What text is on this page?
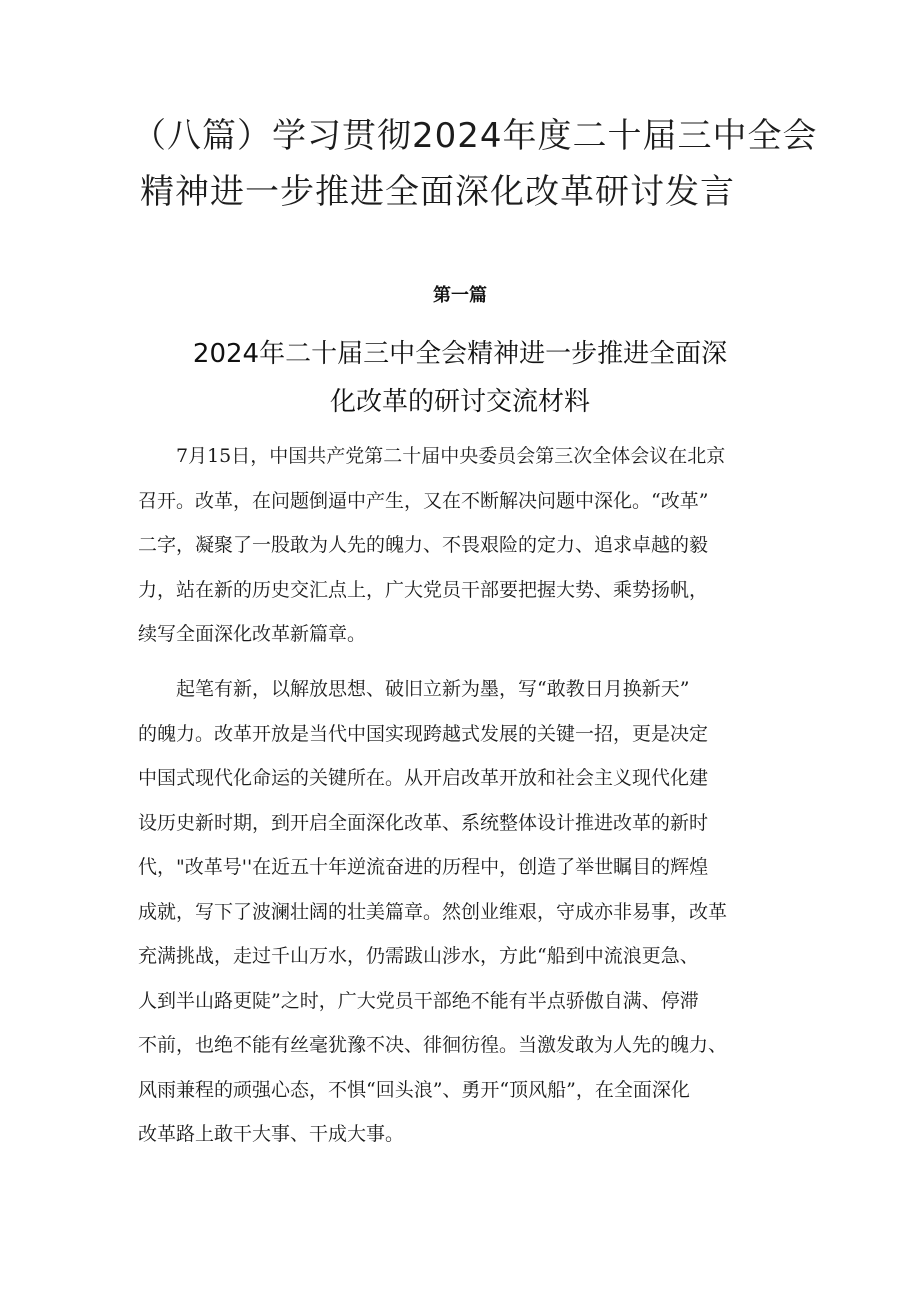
（八篇）学习贯彻2024年度二十届三中全会
精神进一步推进全面深化改革研讨发言
第一篇
2024年二十届三中全会精神进一步推进全面深
化改革的研讨交流材料

　　7月15日，中国共产党第二十届中央委员会第三次全体会议在北京
召开。改革，在问题倒逼中产生，又在不断解决问题中深化。“改革”
二字，凝聚了一股敢为人先的魄力、不畏艰险的定力、追求卓越的毅
力，站在新的历史交汇点上，广大党员干部要把握大势、乘势扬帆，
续写全面深化改革新篇章。

　　起笔有新，以解放思想、破旧立新为墨，写“敢教日月换新天”
的魄力。改革开放是当代中国实现跨越式发展的关键一招，更是决定
中国式现代化命运的关键所在。从开启改革开放和社会主义现代化建
设历史新时期，到开启全面深化改革、系统整体设计推进改革的新时
代，"改革号''在近五十年逆流奋进的历程中，创造了举世瞩目的辉煌
成就，写下了波澜壮阔的壮美篇章。然创业维艰，守成亦非易事，改革
充满挑战，走过千山万水，仍需跋山涉水，方此“船到中流浪更急、
人到半山路更陡”之时，广大党员干部绝不能有半点骄傲自满、停滞
不前，也绝不能有丝毫犹豫不决、徘徊彷徨。当激发敢为人先的魄力、
风雨兼程的顽强心态，不惧“回头浪”、勇开“顶风船”，在全面深化
改革路上敢干大事、干成大事。
